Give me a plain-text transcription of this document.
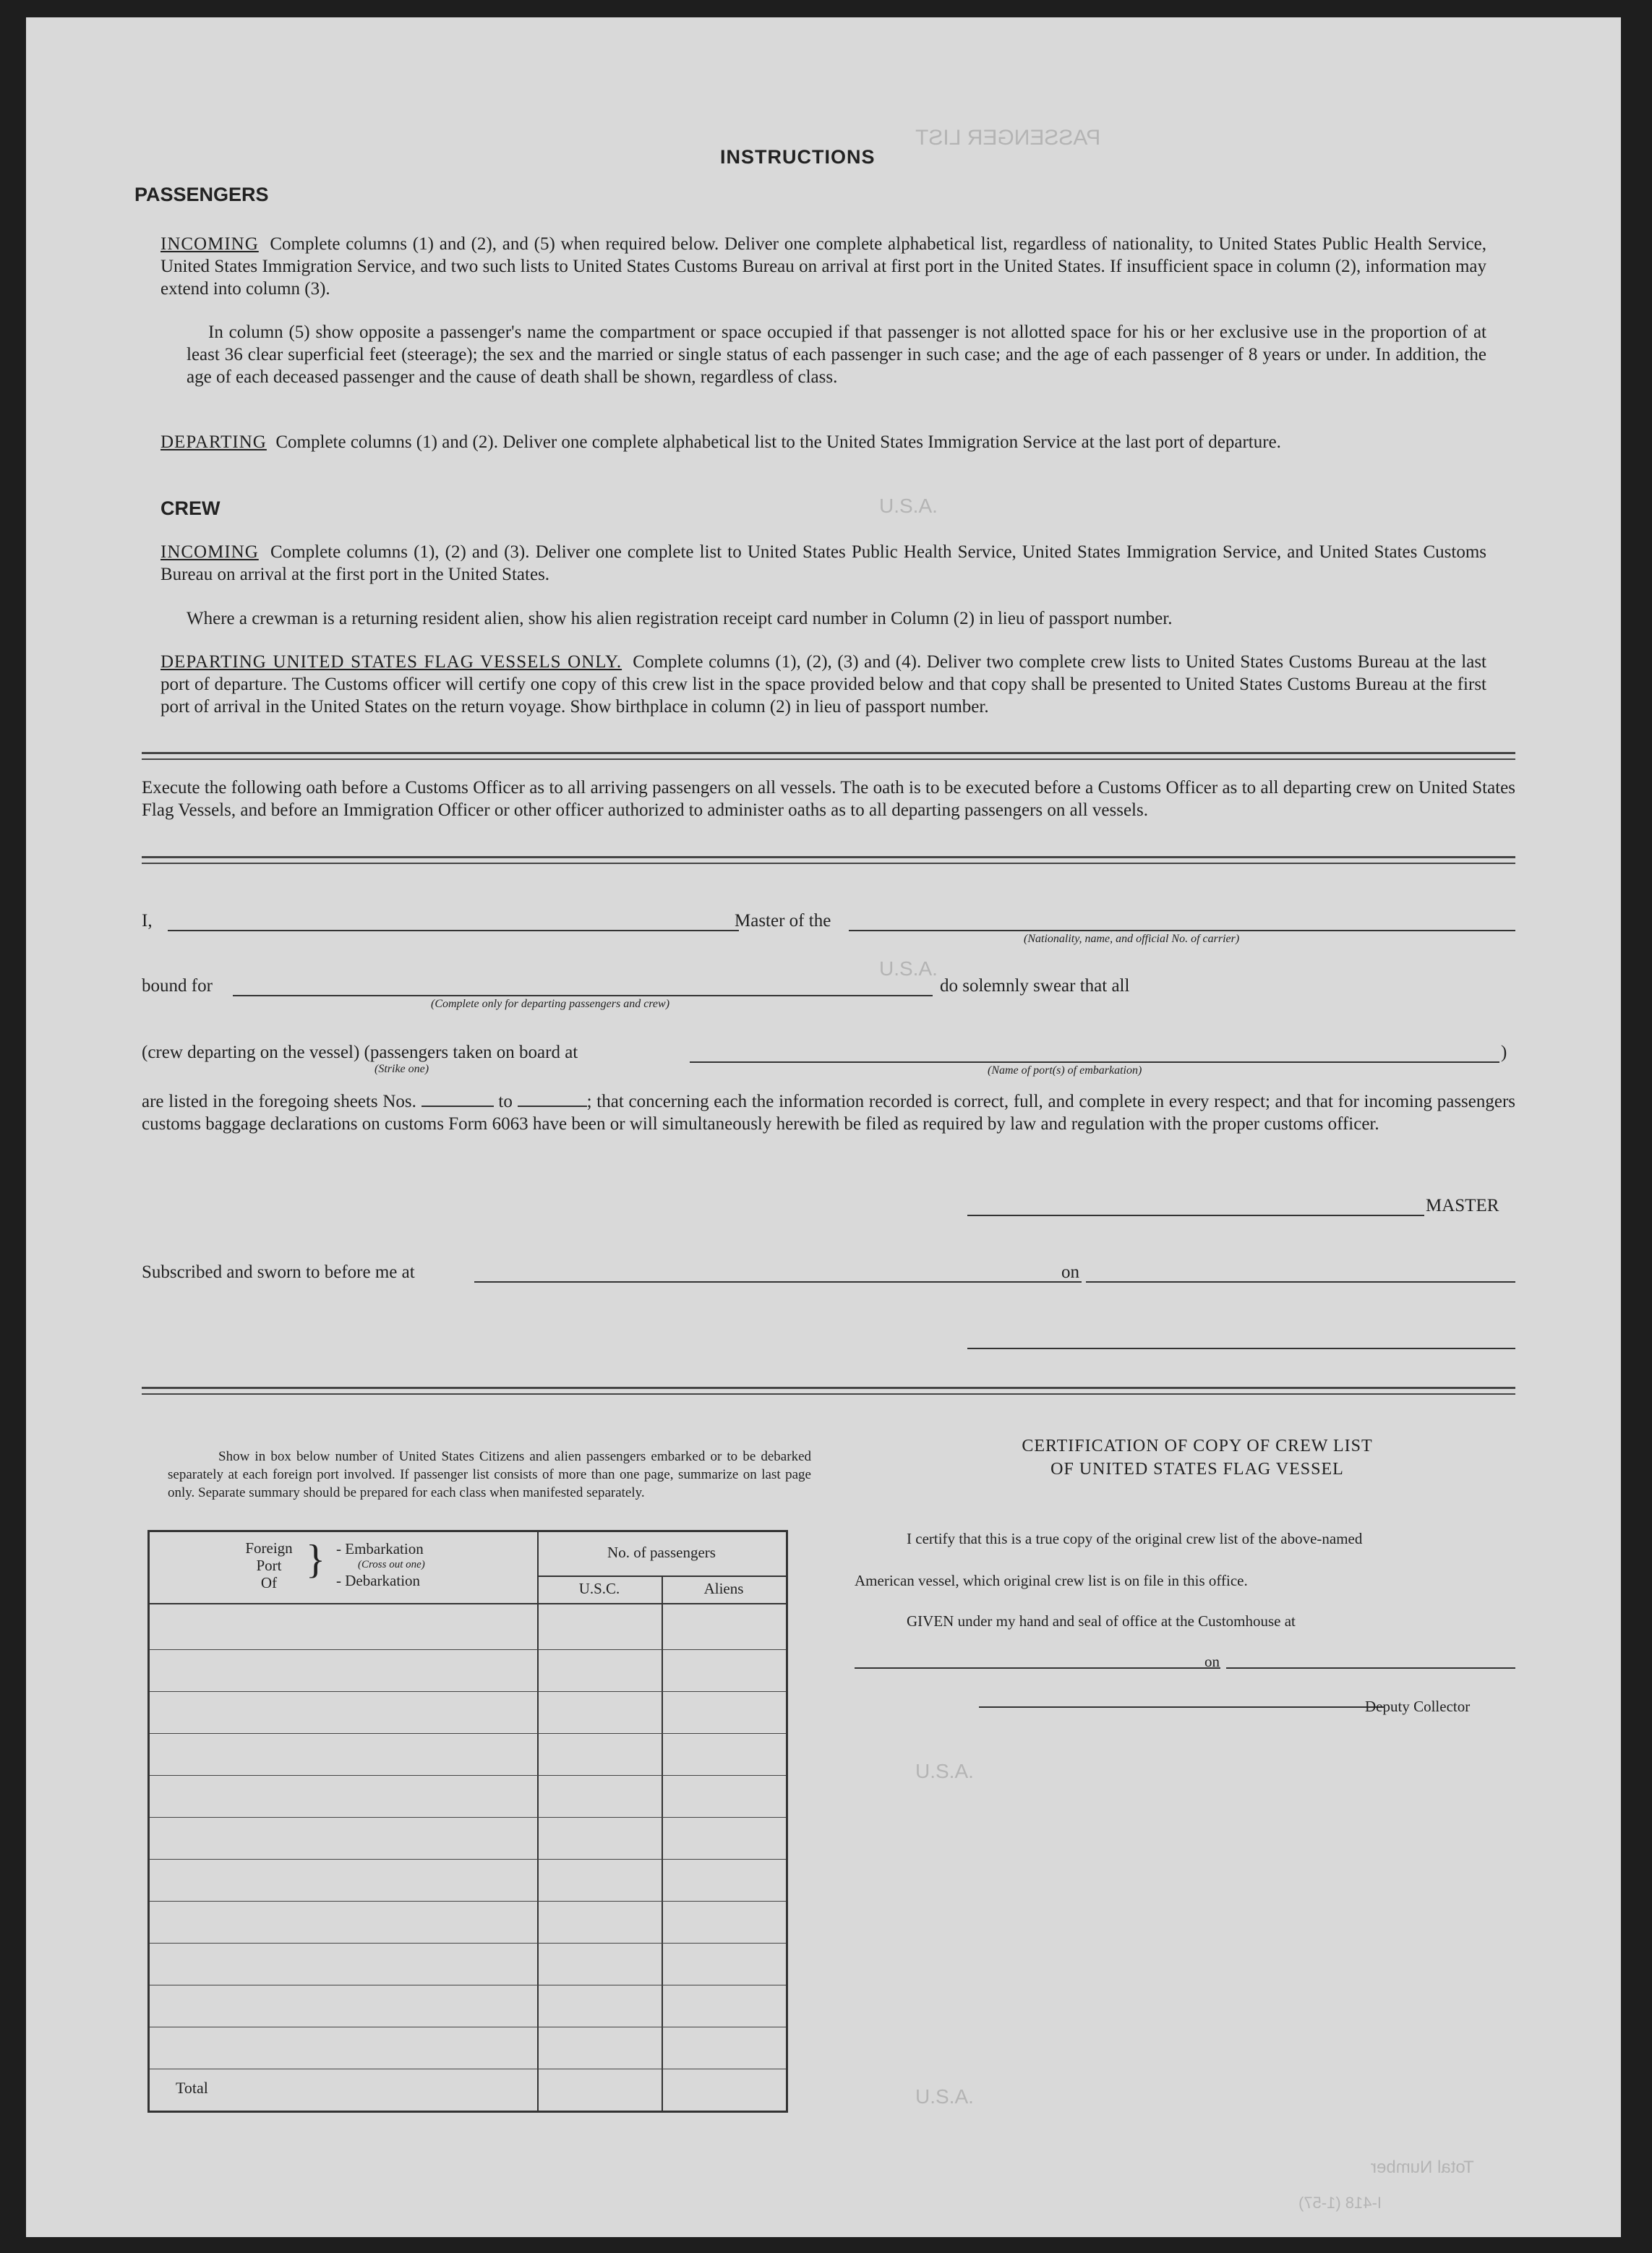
PASSENGER LIST
U.S.A.
U.S.A.
U.S.A.
U.S.A.
Total Number
I-418 (1-57)
INSTRUCTIONS
PASSENGERS
INCOMING Complete columns (1) and (2), and (5) when required below. Deliver one complete alphabetical list, regardless of nationality, to United States Public Health Service, United States Immigration Service, and two such lists to United States Customs Bureau on arrival at first port in the United States. If insufficient space in column (2), information may extend into column (3).
In column (5) show opposite a passenger's name the compartment or space occupied if that passenger is not allotted space for his or her exclusive use in the proportion of at least 36 clear superficial feet (steerage); the sex and the married or single status of each passenger in such case; and the age of each passenger of 8 years or under. In addition, the age of each deceased passenger and the cause of death shall be shown, regardless of class.
DEPARTING Complete columns (1) and (2). Deliver one complete alphabetical list to the United States Immigration Service at the last port of departure.
CREW
INCOMING Complete columns (1), (2) and (3). Deliver one complete list to United States Public Health Service, United States Immigration Service, and United States Customs Bureau on arrival at the first port in the United States.
Where a crewman is a returning resident alien, show his alien registration receipt card number in Column (2) in lieu of passport number.
DEPARTING UNITED STATES FLAG VESSELS ONLY. Complete columns (1), (2), (3) and (4). Deliver two complete crew lists to United States Customs Bureau at the last port of departure. The Customs officer will certify one copy of this crew list in the space provided below and that copy shall be presented to United States Customs Bureau at the first port of arrival in the United States on the return voyage. Show birthplace in column (2) in lieu of passport number.
Execute the following oath before a Customs Officer as to all arriving passengers on all vessels. The oath is to be executed before a Customs Officer as to all departing crew on United States Flag Vessels, and before an Immigration Officer or other officer authorized to administer oaths as to all departing passengers on all vessels.
I,	Master of the
(Nationality, name, and official No. of carrier)
bound for
(Complete only for departing passengers and crew)
do solemnly swear that all
(crew departing on the vessel) (passengers taken on board at
(Strike one)
)
(Name of port(s) of embarkation)
are listed in the foregoing sheets Nos.	to	; that concerning each the information recorded is correct, full, and complete in every respect; and that for incoming passengers customs baggage declarations on customs Form 6063 have been or will simultaneously herewith be filed as required by law and regulation with the proper customs officer.
MASTER
Subscribed and sworn to before me at	on
Show in box below number of United States Citizens and alien passengers embarked or to be debarked separately at each foreign port involved. If passenger list consists of more than one page, summarize on last page only. Separate summary should be prepared for each class when manifested separately.
Foreign
Port
Of
} - Embarkation
(Cross out one)
- Debarkation
No. of passengers
U.S.C.	Aliens
Total
CERTIFICATION OF COPY OF CREW LIST
OF UNITED STATES FLAG VESSEL
I certify that this is a true copy of the original crew list of the above-named
American vessel, which original crew list is on file in this office.
GIVEN under my hand and seal of office at the Customhouse at
on
Deputy Collector
